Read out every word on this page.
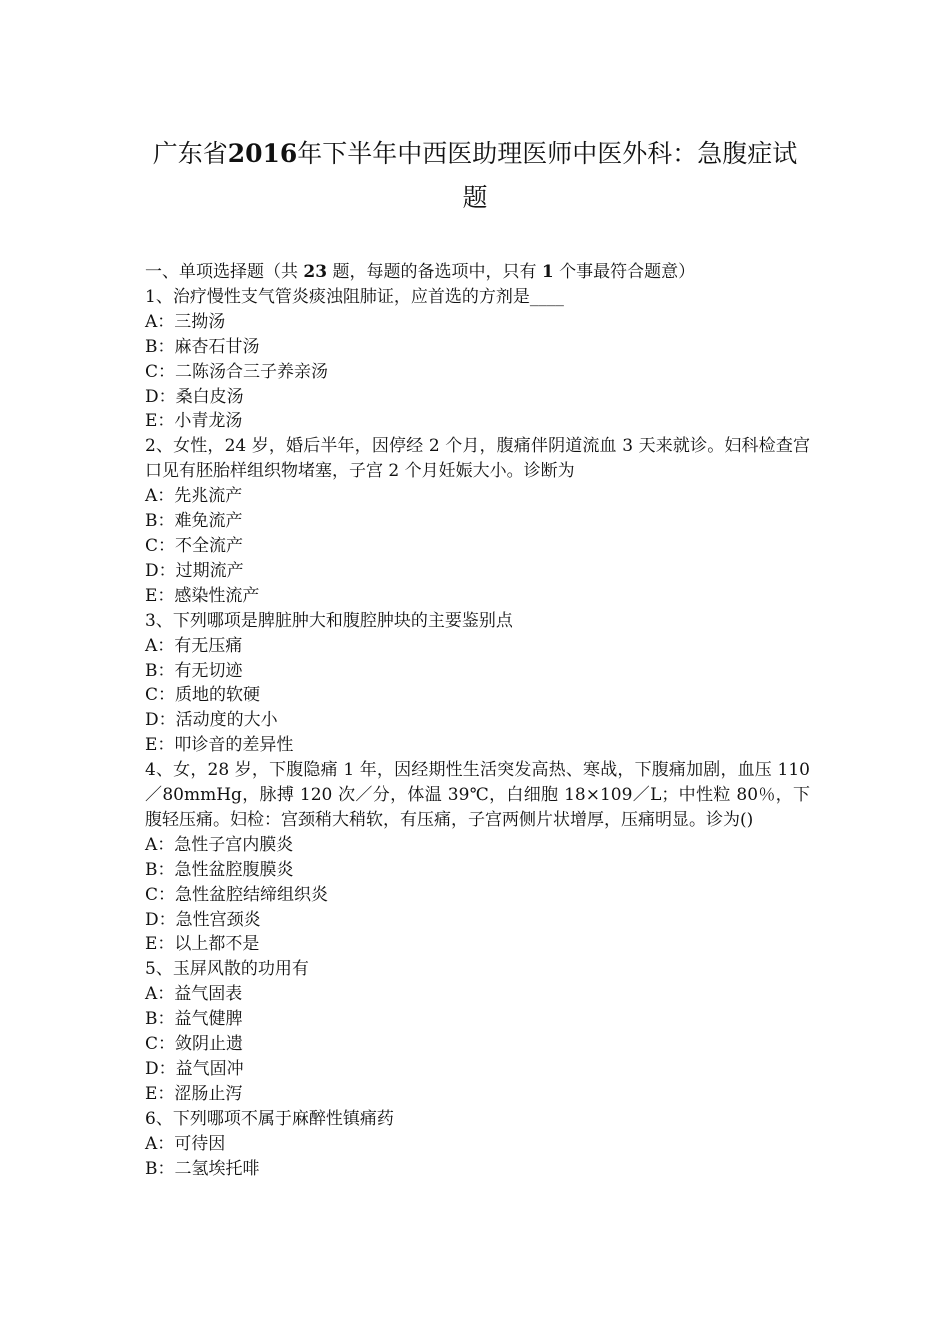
广东省2016年下半年中西医助理医师中医外科：急腹症试
题

一、单项选择题（共 23 题，每题的备选项中，只有 1 个事最符合题意）

1、治疗慢性支气管炎痰浊阻肺证，应首选的方剂是____

A：三拗汤

B：麻杏石甘汤

C：二陈汤合三子养亲汤

D：桑白皮汤

E：小青龙汤

2、女性，24 岁，婚后半年，因停经 2 个月，腹痛伴阴道流血 3 天来就诊。妇科检查宫口见有胚胎样组织物堵塞，子宫 2 个月妊娠大小。诊断为

A：先兆流产

B：难免流产

C：不全流产

D：过期流产

E：感染性流产

3、下列哪项是脾脏肿大和腹腔肿块的主要鉴别点

A：有无压痛

B：有无切迹

C：质地的软硬

D：活动度的大小

E：叩诊音的差异性

4、女，28 岁，下腹隐痛 1 年，因经期性生活突发高热、寒战，下腹痛加剧，血压 110／80mmHg，脉搏 120 次／分，体温 39℃，白细胞 18×109／L；中性粒 80％，下腹轻压痛。妇检：宫颈稍大稍软，有压痛，子宫两侧片状增厚，压痛明显。诊为()

A：急性子宫内膜炎

B：急性盆腔腹膜炎

C：急性盆腔结缔组织炎

D：急性宫颈炎

E：以上都不是

5、玉屏风散的功用有

A：益气固表

B：益气健脾

C：敛阴止遗

D：益气固冲

E：涩肠止泻

6、下列哪项不属于麻醉性镇痛药

A：可待因

B：二氢埃托啡
